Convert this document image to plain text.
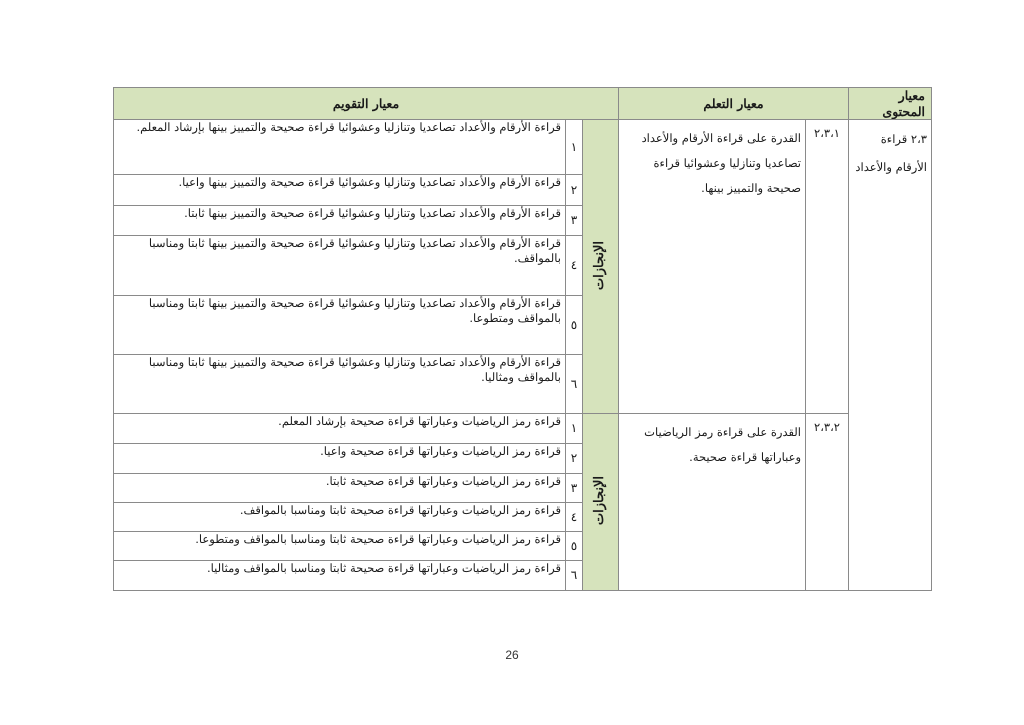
معيار المحتوى	معيار التعلم		معيار التقويم		
٢،٣ قراءة الأرقام والأعداد	٢،٣،١	القدرة على قراءة الأرقام والأعداد تصاعديا وتنازليا وعشوائيا قراءة صحيحة والتمييز بينها.	الإنجازات	١	قراءة الأرقام والأعداد تصاعديا وتنازليا وعشوائيا قراءة صحيحة والتمييز بينها بإرشاد المعلم.
				٢	قراءة الأرقام والأعداد تصاعديا وتنازليا وعشوائيا قراءة صحيحة والتمييز بينها واعيا.
				٣	قراءة الأرقام والأعداد تصاعديا وتنازليا وعشوائيا قراءة صحيحة والتمييز بينها ثابتا.
				٤	قراءة الأرقام والأعداد تصاعديا وتنازليا وعشوائيا قراءة صحيحة والتمييز بينها ثابتا ومناسبا بالمواقف.
				٥	قراءة الأرقام والأعداد تصاعديا وتنازليا وعشوائيا قراءة صحيحة والتمييز بينها ثابتا ومناسبا بالمواقف ومتطوعا.
				٦	قراءة الأرقام والأعداد تصاعديا وتنازليا وعشوائيا قراءة صحيحة والتمييز بينها ثابتا ومناسبا بالمواقف ومثاليا.
	٢،٣،٢	القدرة على قراءة رمز الرياضيات وعباراتها قراءة صحيحة.	الإنجازات	١	قراءة رمز الرياضيات وعباراتها قراءة صحيحة بإرشاد المعلم.
				٢	قراءة رمز الرياضيات وعباراتها قراءة صحيحة واعيا.
				٣	قراءة رمز الرياضيات وعباراتها قراءة صحيحة ثابتا.
				٤	قراءة رمز الرياضيات وعباراتها قراءة صحيحة ثابتا ومناسبا بالمواقف.
				٥	قراءة رمز الرياضيات وعباراتها قراءة صحيحة ثابتا ومناسبا بالمواقف ومتطوعا.
				٦	قراءة رمز الرياضيات وعباراتها قراءة صحيحة ثابتا ومناسبا بالمواقف ومثاليا.
26
